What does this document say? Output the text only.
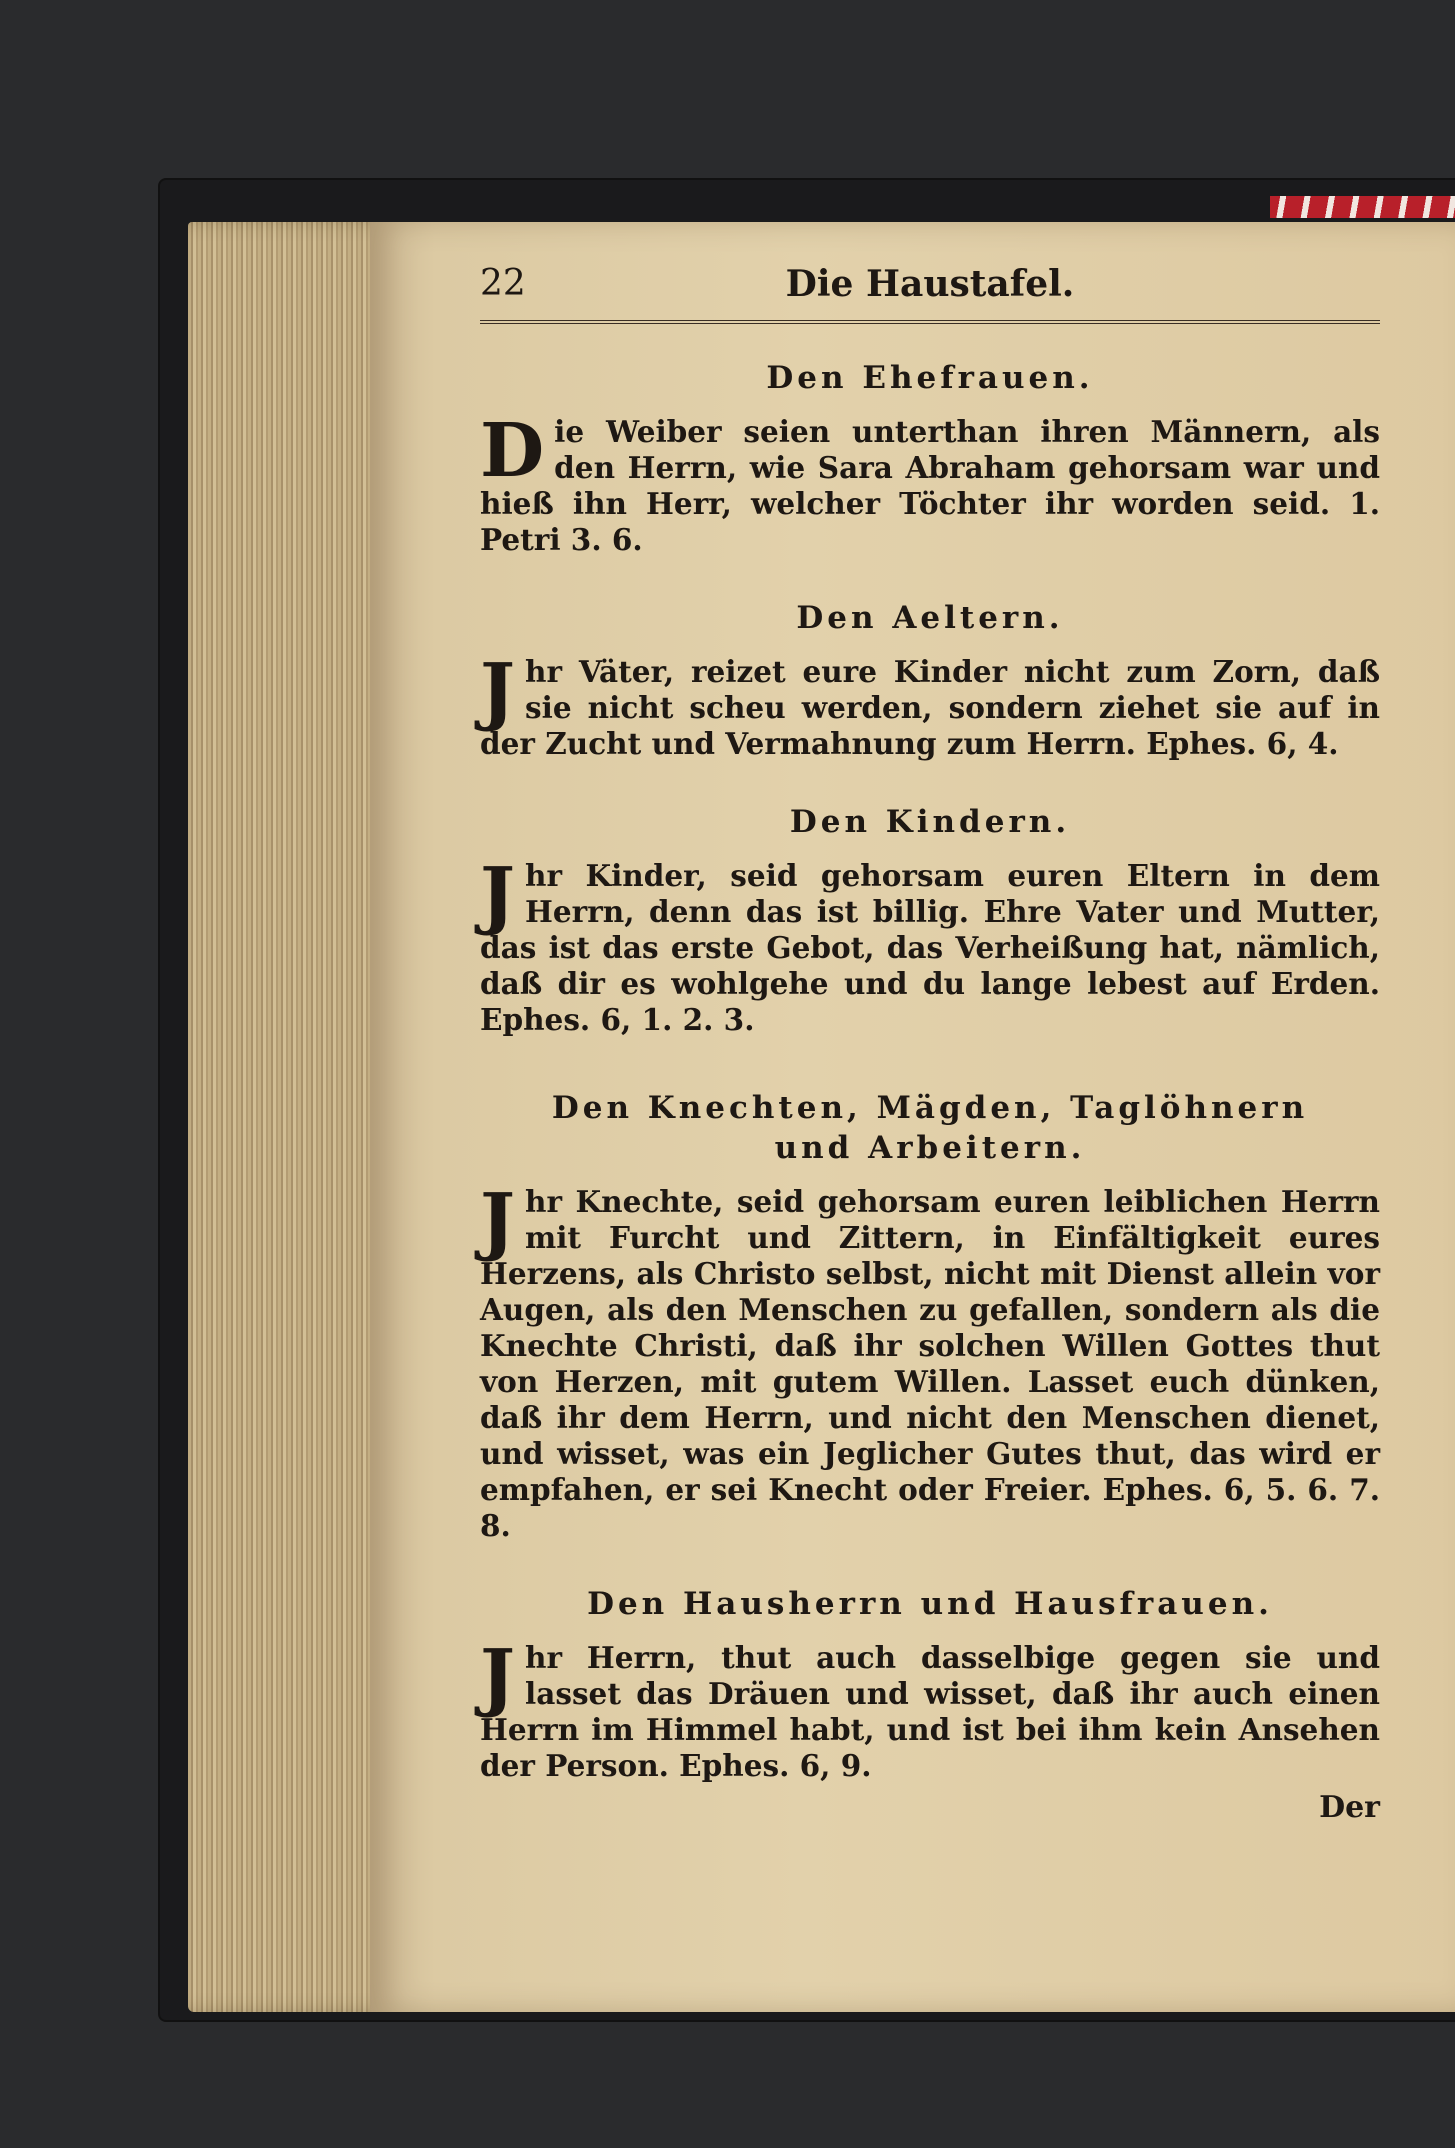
22	Die Haustafel.
Den Ehefrauen.

Die Weiber seien unterthan ihren Männern, als den Herrn, wie Sara Abraham gehorsam war und hieß ihn Herr, welcher Töchter ihr worden seid. 1. Petri 3. 6.

Den Aeltern.

Jhr Väter, reizet eure Kinder nicht zum Zorn, daß sie nicht scheu werden, sondern ziehet sie auf in der Zucht und Vermahnung zum Herrn. Ephes. 6, 4.

Den Kindern.

Jhr Kinder, seid gehorsam euren Eltern in dem Herrn, denn das ist billig. Ehre Vater und Mutter, das ist das erste Gebot, das Verheißung hat, nämlich, daß dir es wohlgehe und du lange lebest auf Erden. Ephes. 6, 1. 2. 3.

Den Knechten, Mägden, Taglöhnern
und Arbeitern.

Jhr Knechte, seid gehorsam euren leiblichen Herrn mit Furcht und Zittern, in Einfältigkeit eures Herzens, als Christo selbst, nicht mit Dienst allein vor Augen, als den Menschen zu gefallen, sondern als die Knechte Christi, daß ihr solchen Willen Gottes thut von Herzen, mit gutem Willen. Lasset euch dünken, daß ihr dem Herrn, und nicht den Menschen dienet, und wisset, was ein Jeglicher Gutes thut, das wird er empfahen, er sei Knecht oder Freier. Ephes. 6, 5. 6. 7. 8.

Den Hausherrn und Hausfrauen.

Jhr Herrn, thut auch dasselbige gegen sie und lasset das Dräuen und wisset, daß ihr auch einen Herrn im Himmel habt, und ist bei ihm kein Ansehen der Person. Ephes. 6, 9.

Der
